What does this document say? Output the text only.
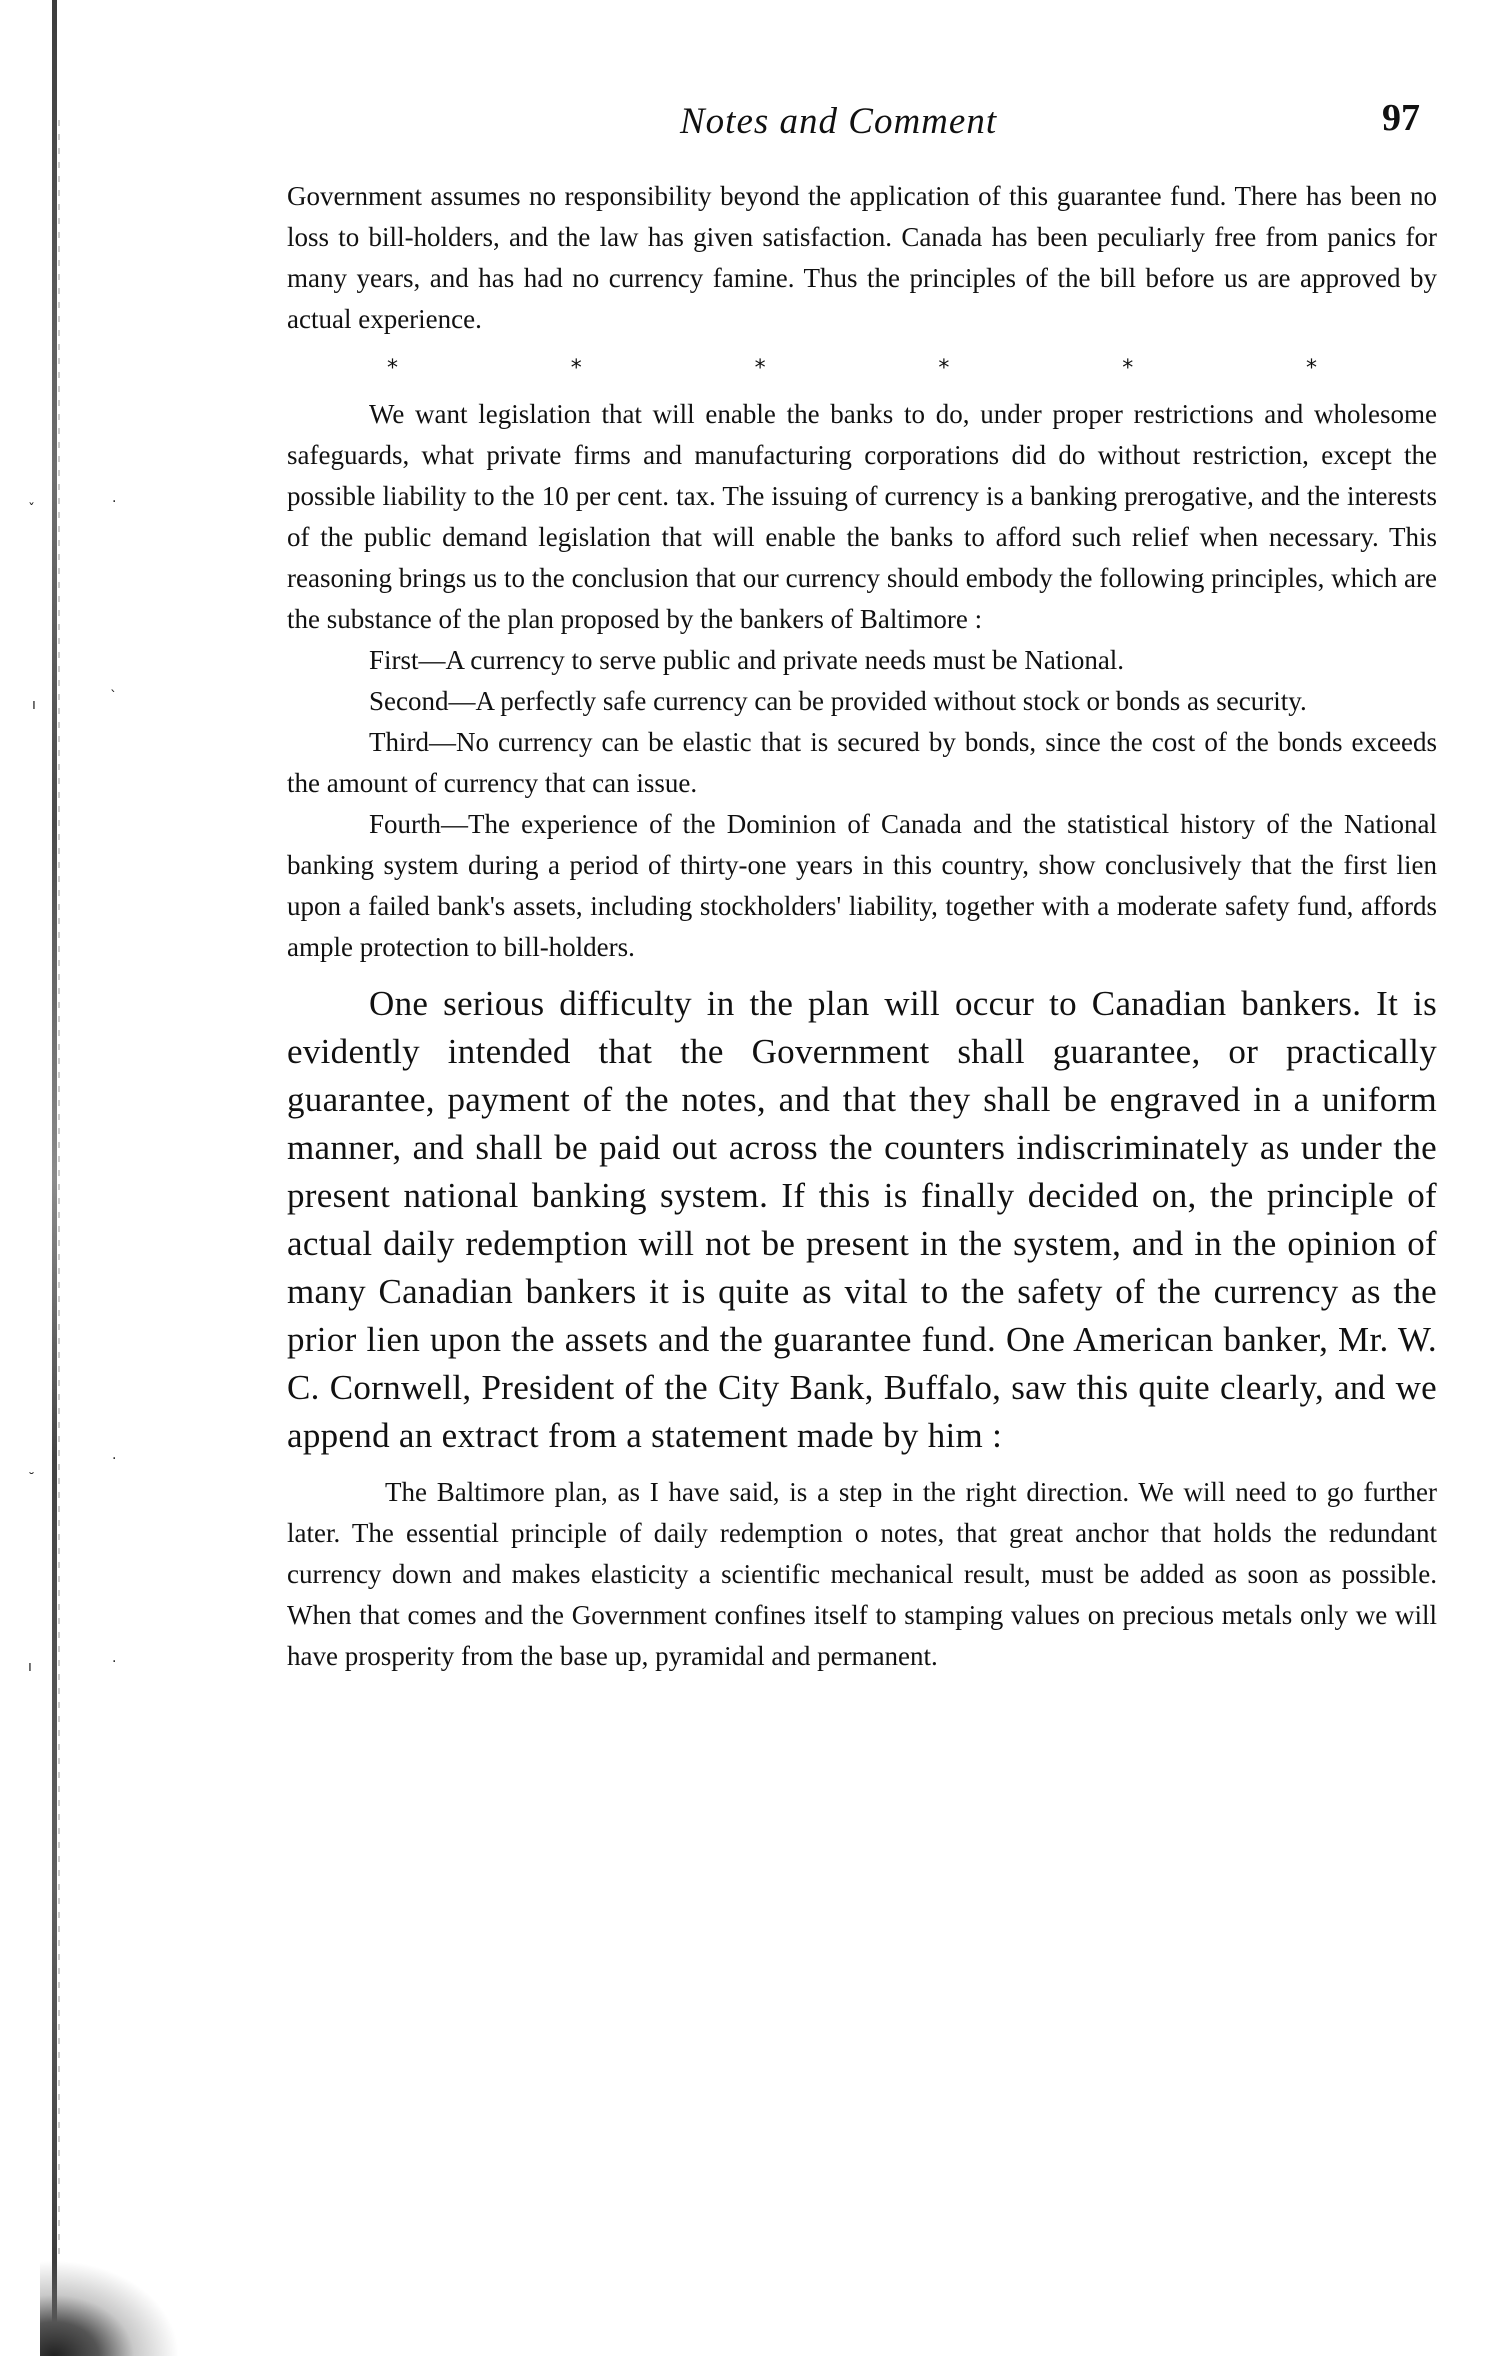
ˇ	·
ı	`
·
˘
ı	·
Notes and Comment	97

Government assumes no responsibility beyond the application of this guarantee fund. There has been no loss to bill-holders, and the law has given satisfaction. Canada has been peculiarly free from panics for many years, and has had no currency famine. Thus the principles of the bill before us are approved by actual experience.

*	*	*	*	*	*

We want legislation that will enable the banks to do, under proper restrictions and wholesome safeguards, what private firms and manufacturing corporations did do without restriction, except the possible liability to the 10 per cent. tax. The issuing of currency is a banking prerogative, and the interests of the public demand legislation that will enable the banks to afford such relief when necessary. This reasoning brings us to the conclusion that our currency should embody the following principles, which are the substance of the plan proposed by the bankers of Baltimore :

First—A currency to serve public and private needs must be National.

Second—A perfectly safe currency can be provided without stock or bonds as security.

Third—No currency can be elastic that is secured by bonds, since the cost of the bonds exceeds the amount of currency that can issue.

Fourth—The experience of the Dominion of Canada and the statistical history of the National banking system during a period of thirty-one years in this country, show conclusively that the first lien upon a failed bank's assets, including stockholders' liability, together with a moderate safety fund, affords ample protection to bill-holders.

One serious difficulty in the plan will occur to Canadian bankers. It is evidently intended that the Government shall guarantee, or practically guarantee, payment of the notes, and that they shall be engraved in a uniform manner, and shall be paid out across the counters indiscriminately as under the present national banking system. If this is finally decided on, the principle of actual daily redemption will not be present in the system, and in the opinion of many Canadian bankers it is quite as vital to the safety of the currency as the prior lien upon the assets and the guarantee fund. One American banker, Mr. W. C. Cornwell, President of the City Bank, Buffalo, saw this quite clearly, and we append an extract from a statement made by him :

The Baltimore plan, as I have said, is a step in the right direction. We will need to go further later. The essential principle of daily redemption o notes, that great anchor that holds the redundant currency down and makes elasticity a scientific mechanical result, must be added as soon as possible. When that comes and the Government confines itself to stamping values on precious metals only we will have prosperity from the base up, pyramidal and permanent.
